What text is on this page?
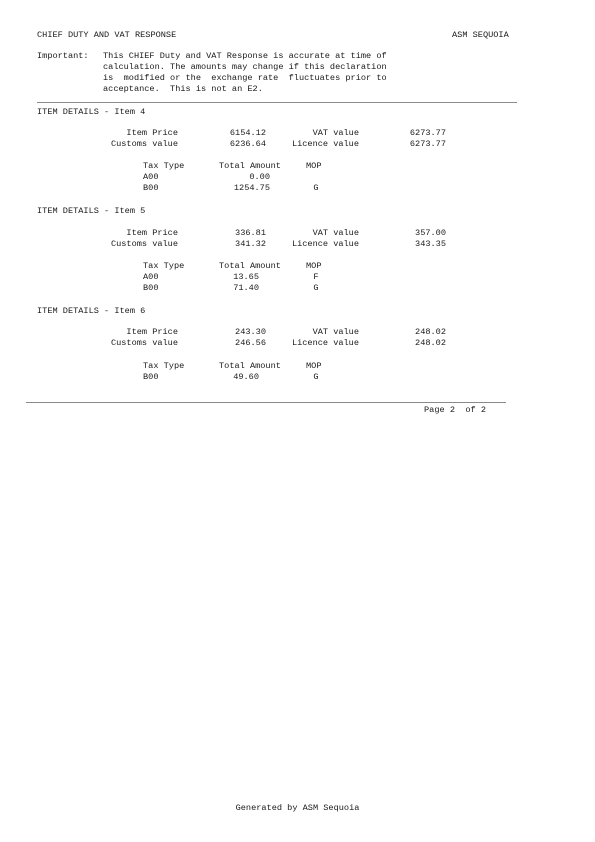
CHIEF DUTY AND VAT RESPONSE	ASM SEQUOIA
Important: This CHIEF Duty and VAT Response is accurate at time of
calculation. The amounts may change if this declaration
is  modified or the  exchange rate  fluctuates prior to
acceptance.  This is not an E2.
ITEM DETAILS - Item 4
Item Price	6154.12	VAT value	6273.77
Customs value	6236.64	Licence value	6273.77
Tax Type	Total Amount	MOP
A00	0.00
B00	1254.75	G
ITEM DETAILS - Item 5
Item Price	336.81	VAT value	357.00
Customs value	341.32	Licence value	343.35
Tax Type	Total Amount	MOP
A00	13.65	F
B00	71.40	G
ITEM DETAILS - Item 6
Item Price	243.30	VAT value	248.02
Customs value	246.56	Licence value	248.02
Tax Type	Total Amount	MOP
B00	49.60	G
Page 2 of 2
Generated by ASM Sequoia
